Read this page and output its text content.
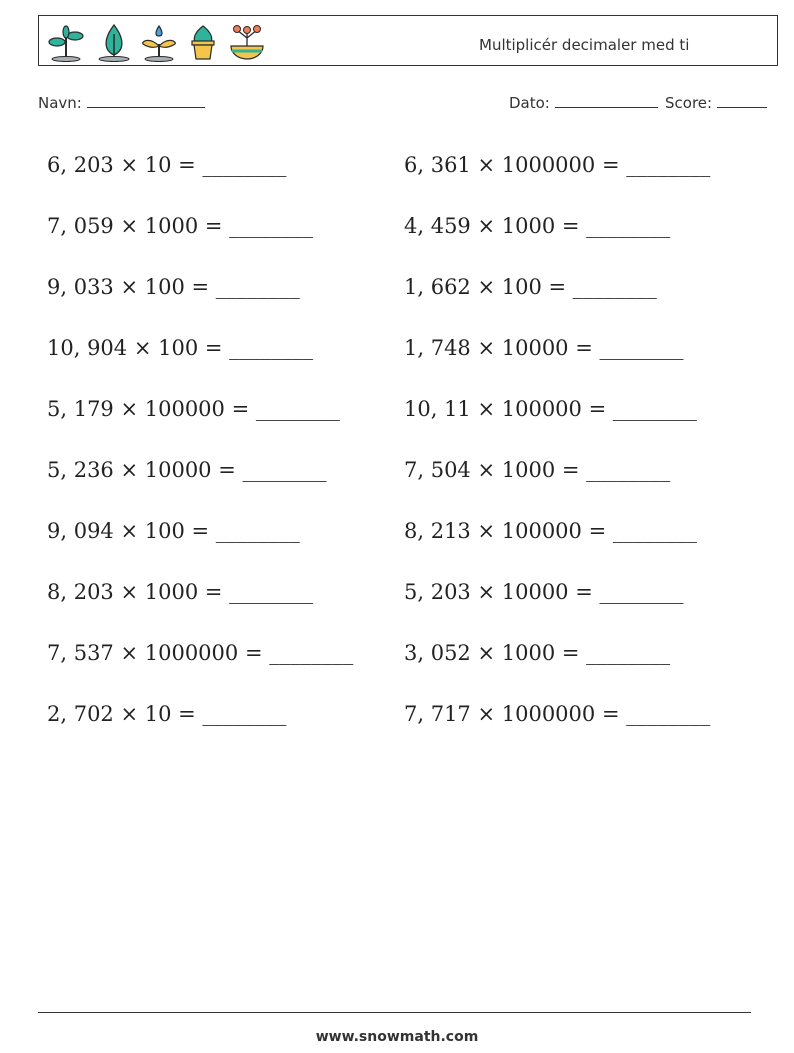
Multiplicér decimaler med ti
Navn:	Dato:	Score:
6, 203 × 10 = ________
7, 059 × 1000 = ________
9, 033 × 100 = ________
10, 904 × 100 = ________
5, 179 × 100000 = ________
5, 236 × 10000 = ________
9, 094 × 100 = ________
8, 203 × 1000 = ________
7, 537 × 1000000 = ________
2, 702 × 10 = ________
6, 361 × 1000000 = ________
4, 459 × 1000 = ________
1, 662 × 100 = ________
1, 748 × 10000 = ________
10, 11 × 100000 = ________
7, 504 × 1000 = ________
8, 213 × 100000 = ________
5, 203 × 10000 = ________
3, 052 × 1000 = ________
7, 717 × 1000000 = ________
www.snowmath.com
